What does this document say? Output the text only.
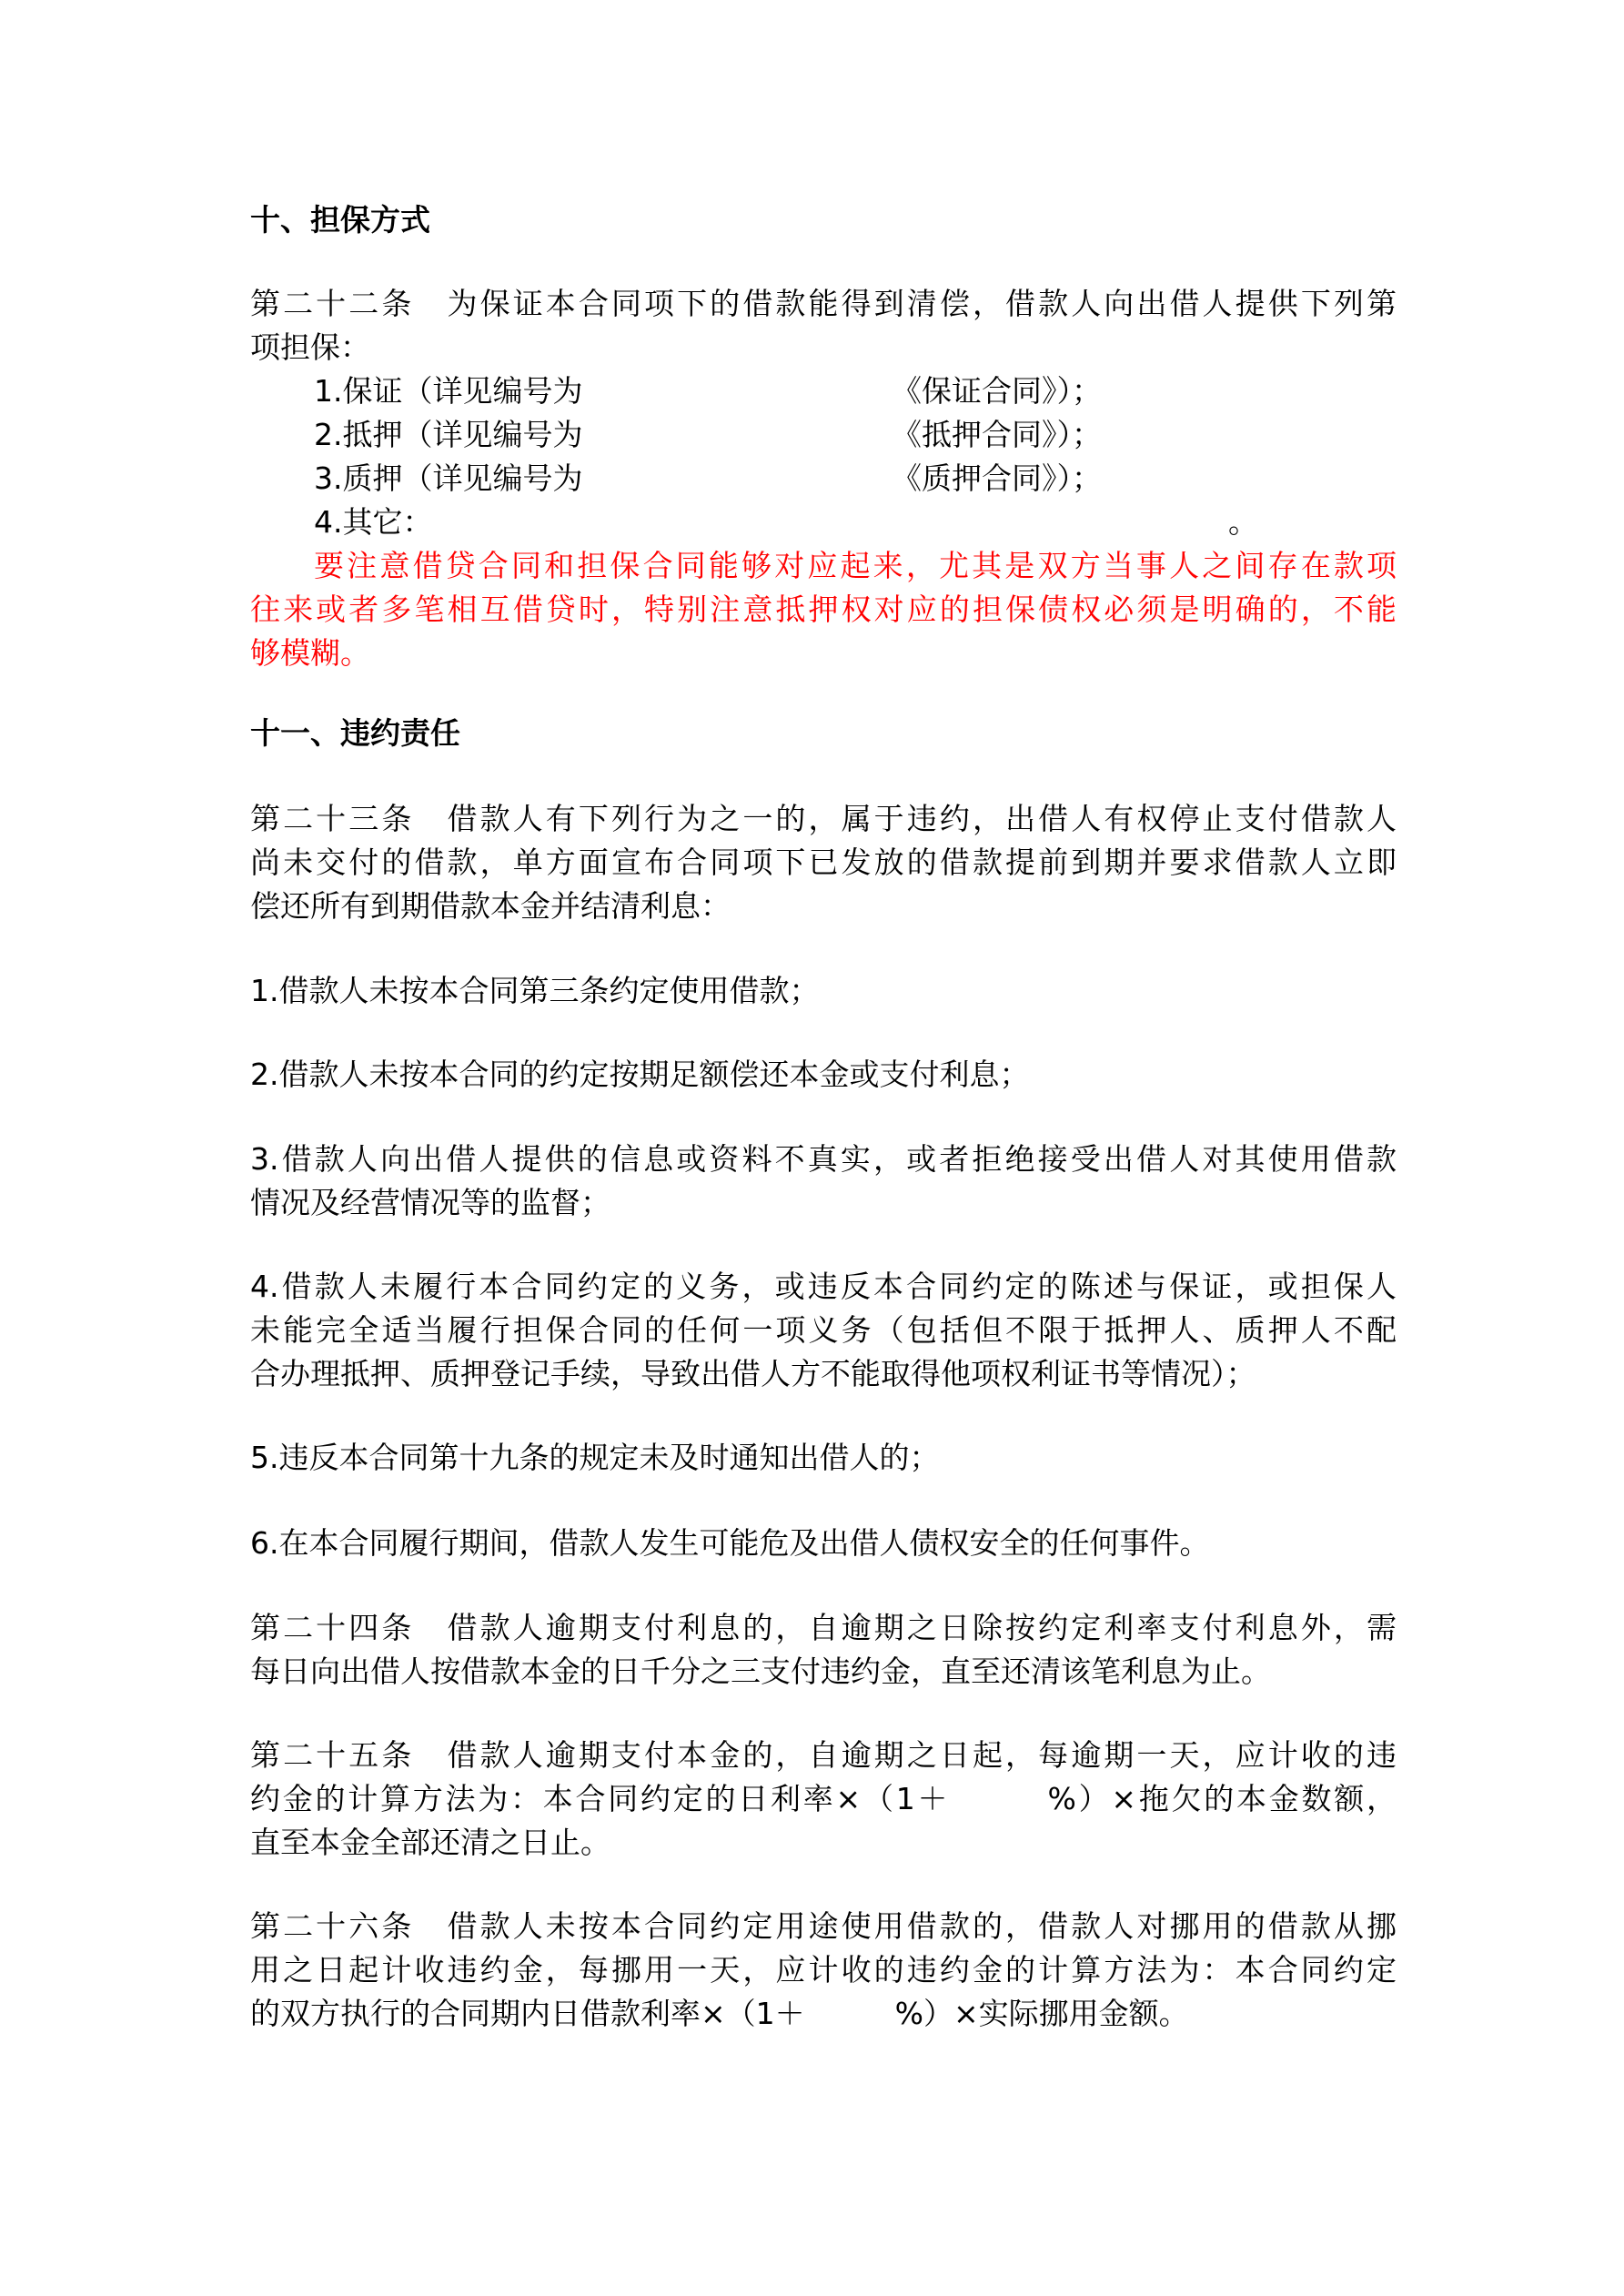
十、担保方式
第二十二条　为保证本合同项下的借款能得到清偿，借款人向出借人提供下列第
项担保：
1.保证（详见编号为	《保证合同》）；
2.抵押（详见编号为	《抵押合同》）；
3.质押（详见编号为	《质押合同》）；
4.其它：	。
要注意借贷合同和担保合同能够对应起来，尤其是双方当事人之间存在款项
往来或者多笔相互借贷时，特别注意抵押权对应的担保债权必须是明确的，不能
够模糊。
十一、违约责任
第二十三条　借款人有下列行为之一的，属于违约，出借人有权停止支付借款人
尚未交付的借款，单方面宣布合同项下已发放的借款提前到期并要求借款人立即
偿还所有到期借款本金并结清利息：
1.借款人未按本合同第三条约定使用借款；
2.借款人未按本合同的约定按期足额偿还本金或支付利息；
3.借款人向出借人提供的信息或资料不真实，或者拒绝接受出借人对其使用借款
情况及经营情况等的监督；
4.借款人未履行本合同约定的义务，或违反本合同约定的陈述与保证，或担保人
未能完全适当履行担保合同的任何一项义务（包括但不限于抵押人、质押人不配
合办理抵押、质押登记手续，导致出借人方不能取得他项权利证书等情况）；
5.违反本合同第十九条的规定未及时通知出借人的；
6.在本合同履行期间，借款人发生可能危及出借人债权安全的任何事件。
第二十四条　借款人逾期支付利息的，自逾期之日除按约定利率支付利息外，需
每日向出借人按借款本金的日千分之三支付违约金，直至还清该笔利息为止。
第二十五条　借款人逾期支付本金的，自逾期之日起，每逾期一天，应计收的违
约金的计算方法为：本合同约定的日利率×（1＋　　　%）×拖欠的本金数额，
直至本金全部还清之日止。
第二十六条　借款人未按本合同约定用途使用借款的，借款人对挪用的借款从挪
用之日起计收违约金，每挪用一天，应计收的违约金的计算方法为：本合同约定
的双方执行的合同期内日借款利率×（1＋　　　%）×实际挪用金额。
